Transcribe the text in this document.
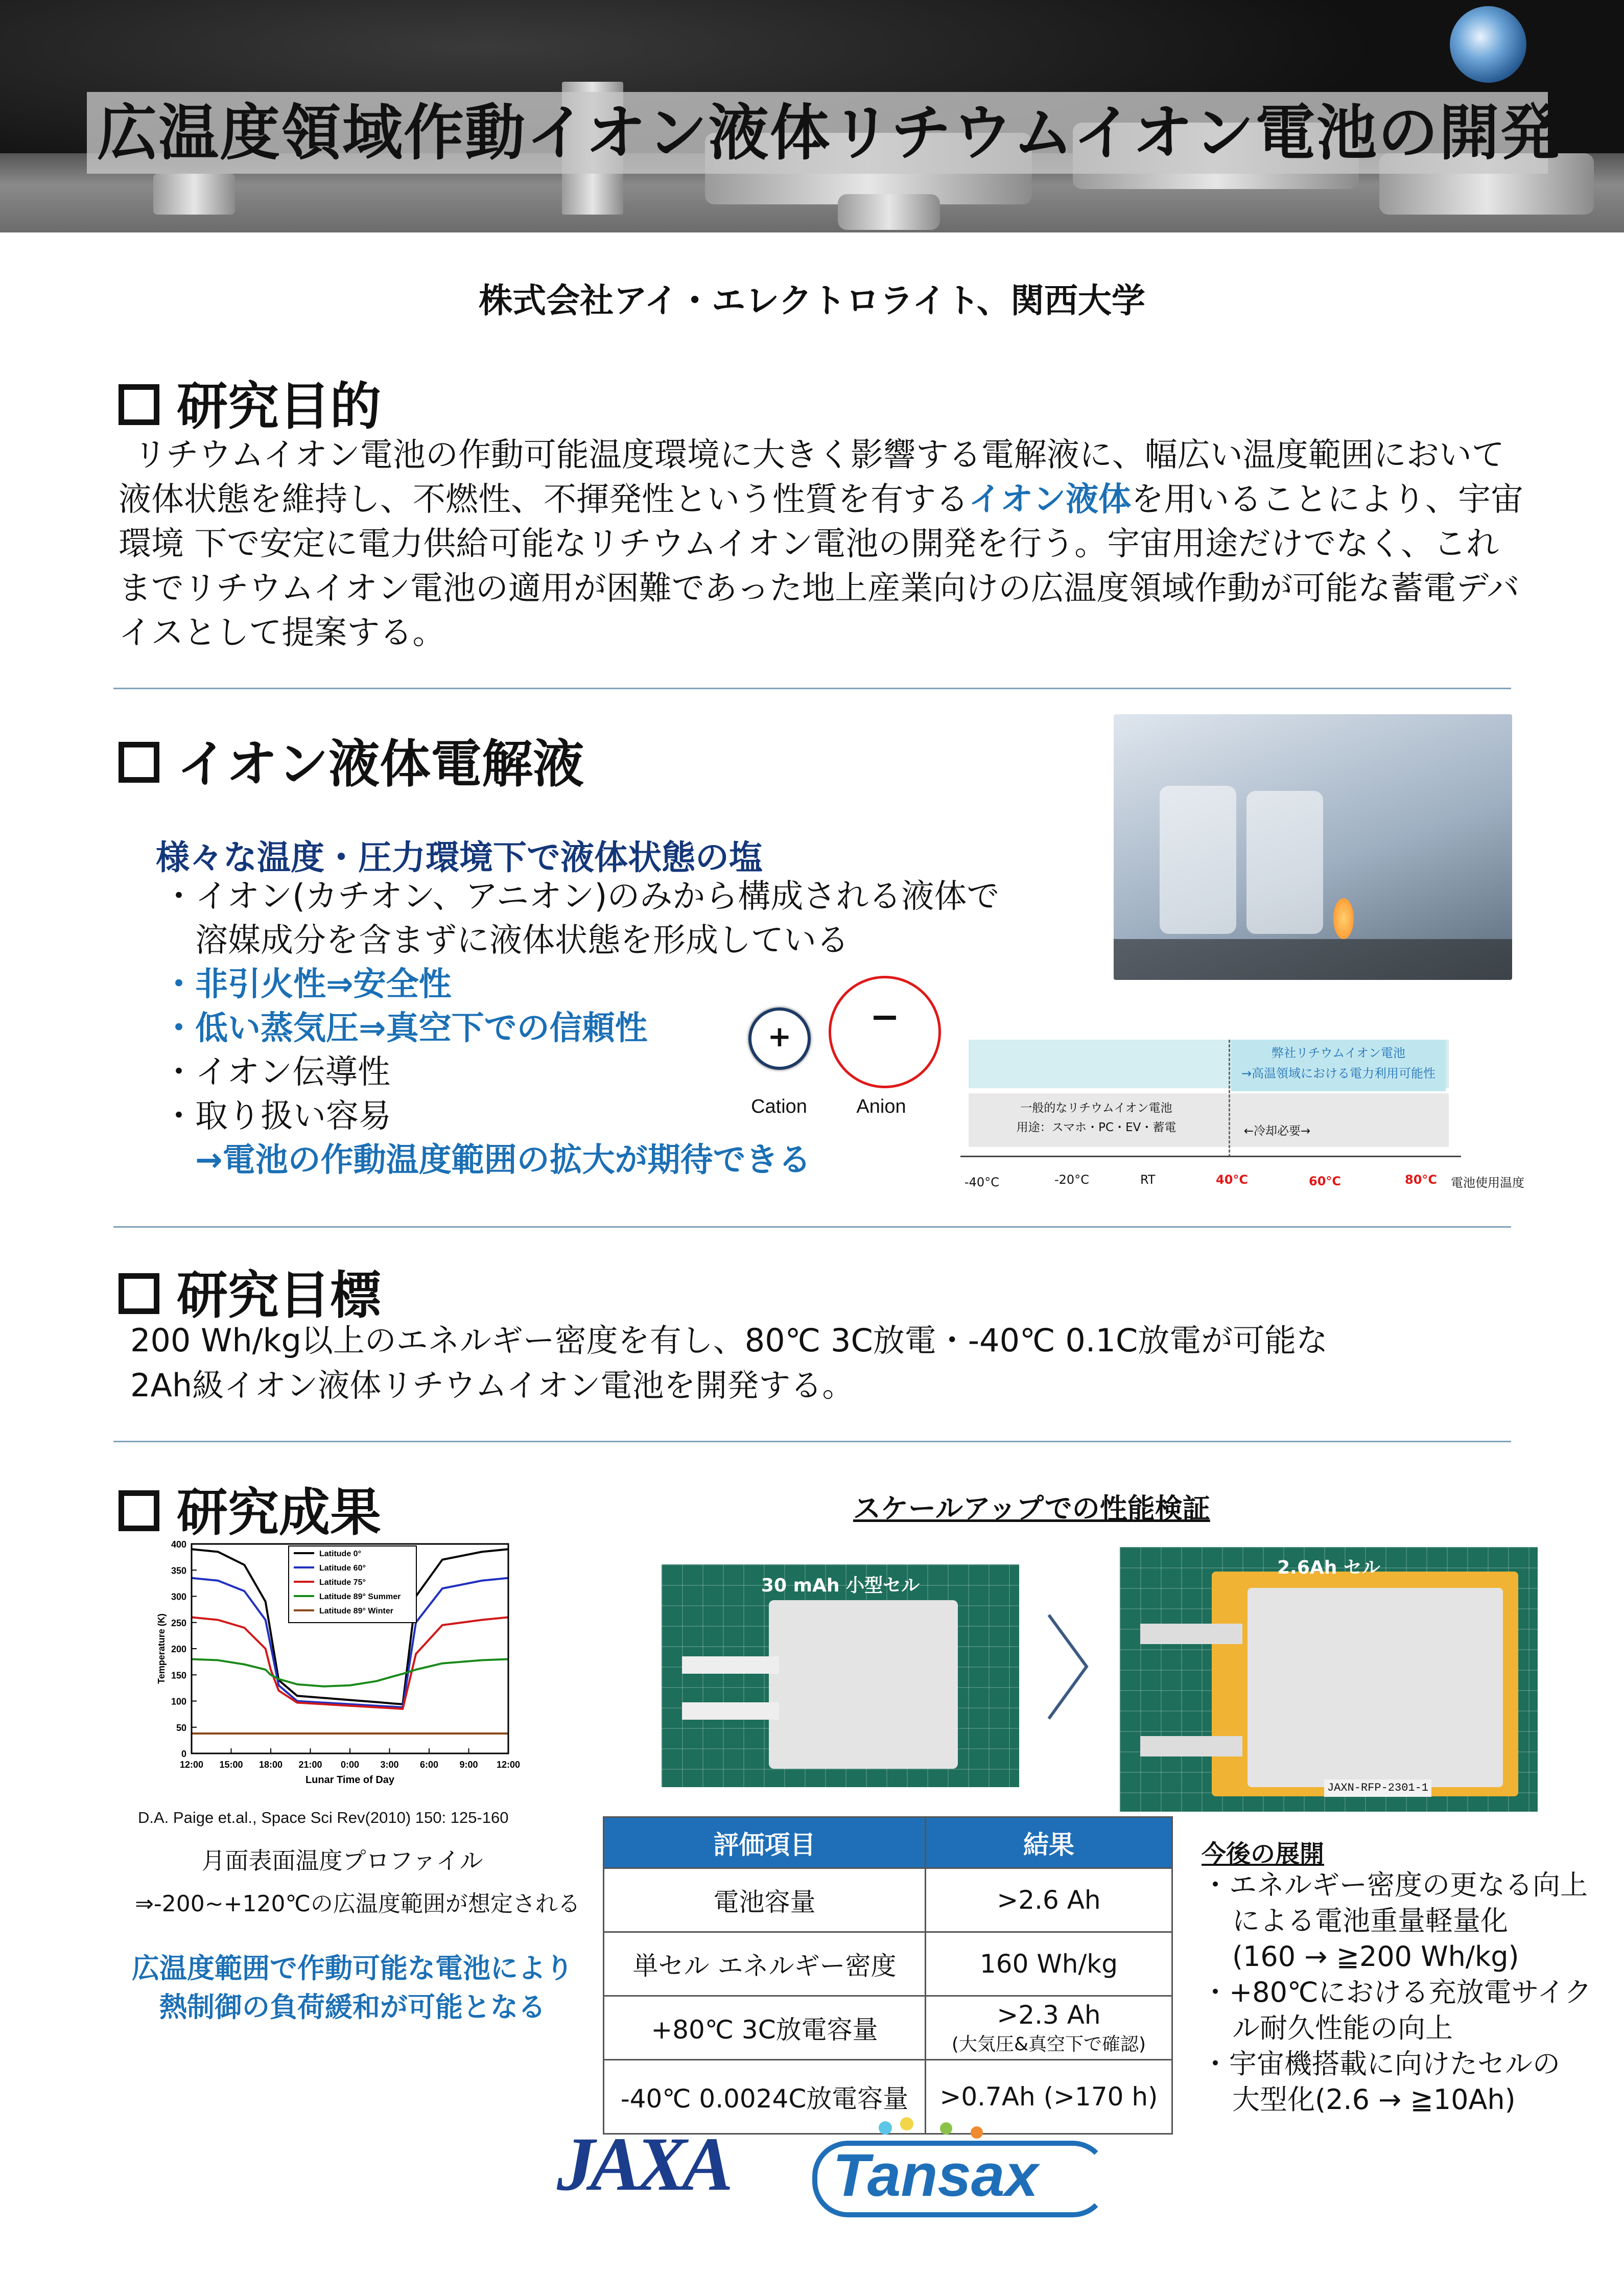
広温度領域作動イオン液体リチウムイオン電池の開発
株式会社アイ・エレクトロライト、関西大学
研究目的
リチウムイオン電池の作動可能温度環境に大きく影響する電解液に、幅広い温度範囲において液体状態を維持し、不燃性、不揮発性という性質を有するイオン液体を用いることにより、宇宙環境 下で安定に電力供給可能なリチウムイオン電池の開発を行う。宇宙用途だけでなく、これまでリチウムイオン電池の適用が困難であった地上産業向けの広温度領域作動が可能な蓄電デバイスとして提案する。
イオン液体電解液
様々な温度・圧力環境下で液体状態の塩
・イオン(カチオン、アニオン)のみから構成される液体で
溶媒成分を含まずに液体状態を形成している
・非引火性⇒安全性
・低い蒸気圧⇒真空下での信頼性
・イオン伝導性
・取り扱い容易
→電池の作動温度範囲の拡大が期待できる
+	−
Cation	Anion
弊社リチウムイオン電池
→高温領域における電力利用可能性
一般的なリチウムイオン電池
用途：スマホ・PC・EV・蓄電	←冷却必要→
-40°C	-20°C	RT	40°C	60°C	80°C 電池使用温度
研究目標
200 Wh/kg以上のエネルギー密度を有し、80℃ 3C放電・-40℃ 0.1C放電が可能な
2Ah級イオン液体リチウムイオン電池を開発する。
研究成果	スケールアップでの性能検証
0
50
100
150
200
250
300
350
400
12:00 15:00 18:00 21:00 0:00 3:00 6:00 9:00 12:00
Lunar Time of Day
Temperature (K)
Latitude 0°
Latitude 60°
Latitude 75°
Latitude 89° Summer
Latitude 89° Winter
D.A. Paige et.al., Space Sci Rev(2010) 150: 125-160
月面表面温度プロファイル
⇒-200~+120℃の広温度範囲が想定される
広温度範囲で作動可能な電池により
熱制御の負荷緩和が可能となる
30 mAh 小型セル
JAXN-RFP-2301-1
2.6Ah セル
評価項目	結果
電池容量	>2.6 Ah
単セル エネルギー密度	160 Wh/kg
+80℃ 3C放電容量	>2.3 Ah
(大気圧&真空下で確認)

-40℃ 0.0024C放電容量	>0.7Ah (>170 h)
今後の展開
・エネルギー密度の更なる向上
による電池重量軽量化
(160 → ≧200 Wh/kg)
・+80℃における充放電サイク
ル耐久性能の向上
・宇宙機搭載に向けたセルの
大型化(2.6 → ≧10Ah)
JAXA	Tansax
